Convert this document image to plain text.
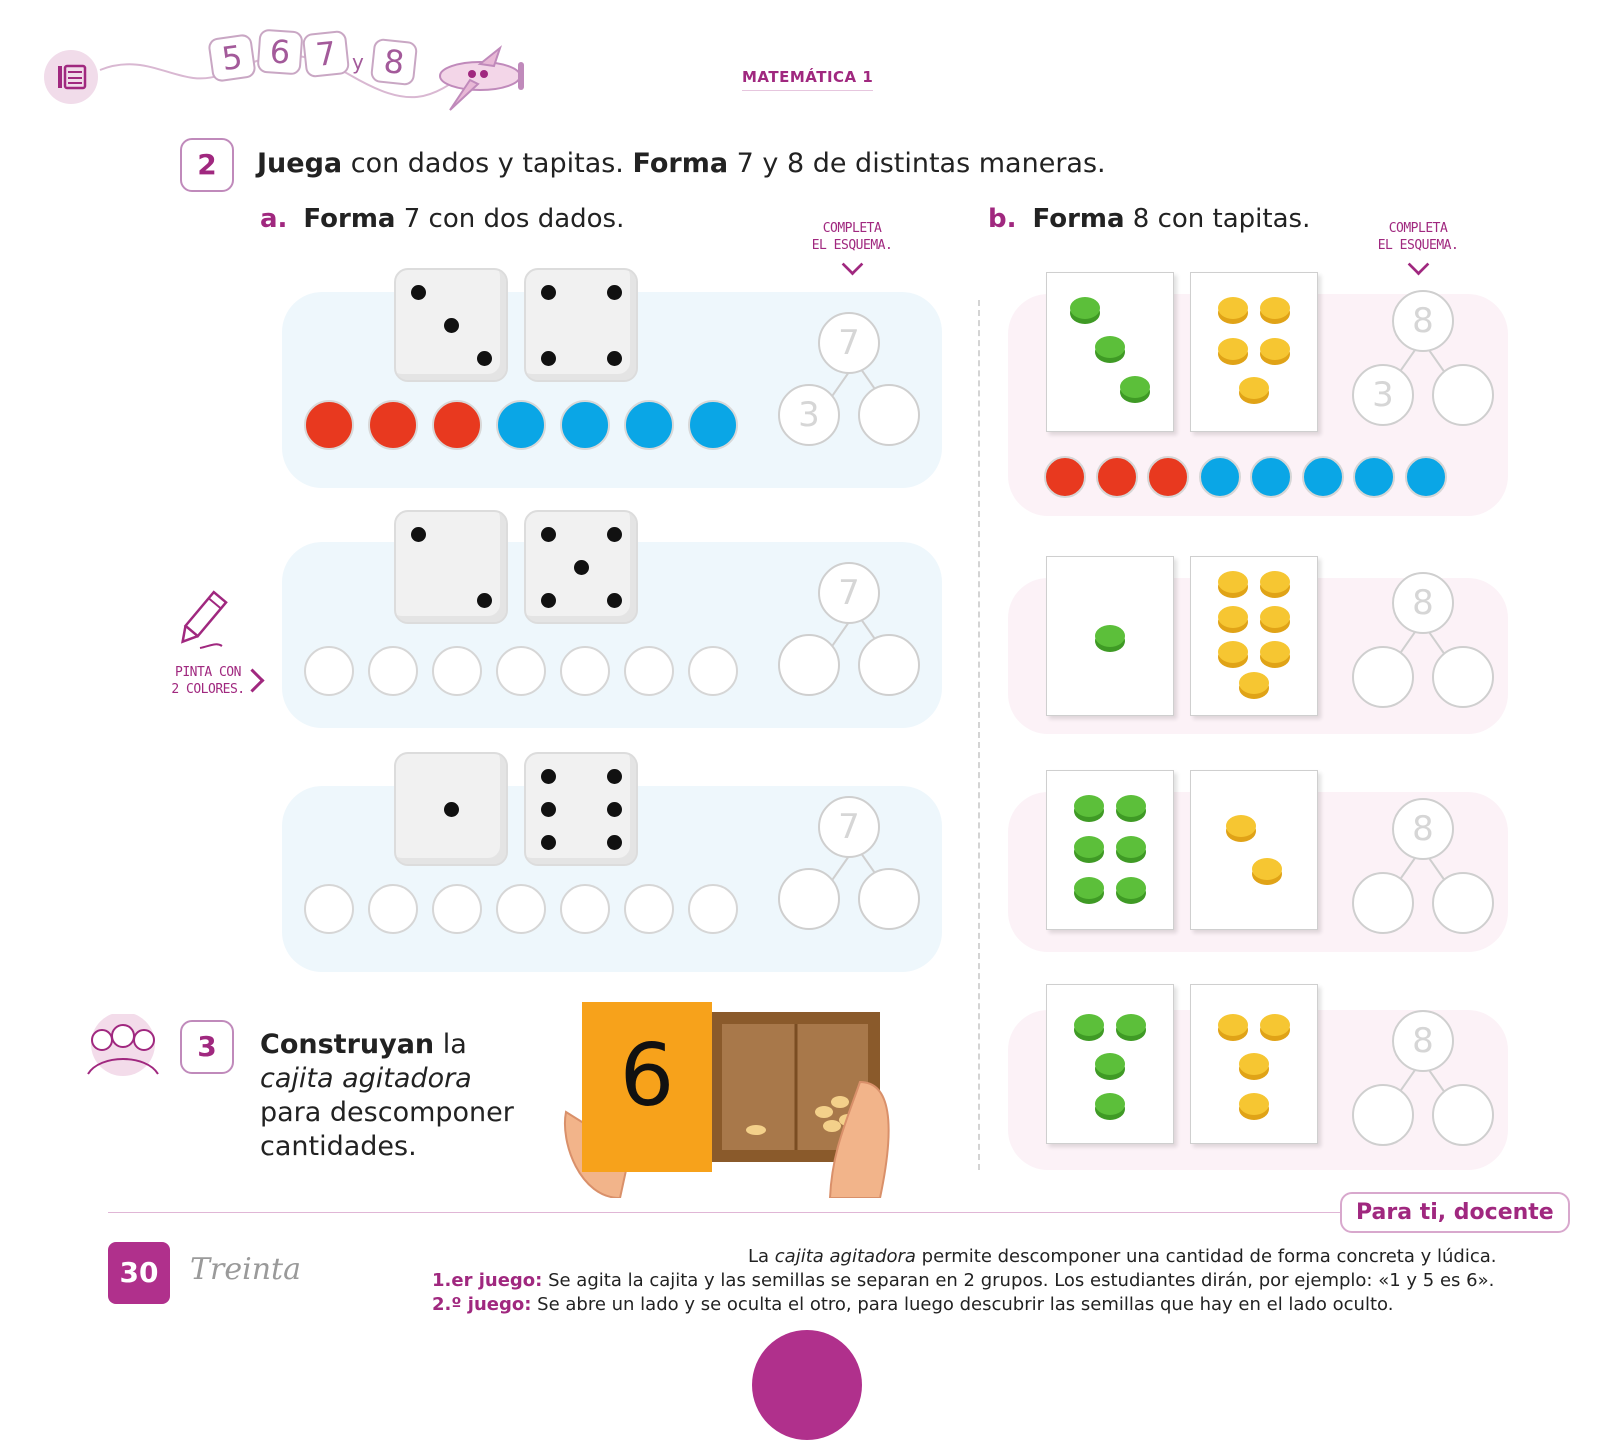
5 6 7 y 8	MATEMÁTICA 1
2	Juega con dados y tapitas. Forma 7 y 8 de distintas maneras.
a. Forma 7 con dos dados.	b. Forma 8 con tapitas.
COMPLETA
EL ESQUEMA.
COMPLETA
EL ESQUEMA.
7
3
7
7
PINTA CON
2 COLORES.
8
3
8
8
8
3	Construyan la
cajita agitadora
para descomponer
cantidades.
6
Para ti, docente
30	Treinta	La cajita agitadora permite descomponer una cantidad de forma concreta y lúdica.
1.er juego: Se agita la cajita y las semillas se separan en 2 grupos. Los estudiantes dirán, por ejemplo: «1 y 5 es 6».
2.º juego: Se abre un lado y se oculta el otro, para luego descubrir las semillas que hay en el lado oculto.
